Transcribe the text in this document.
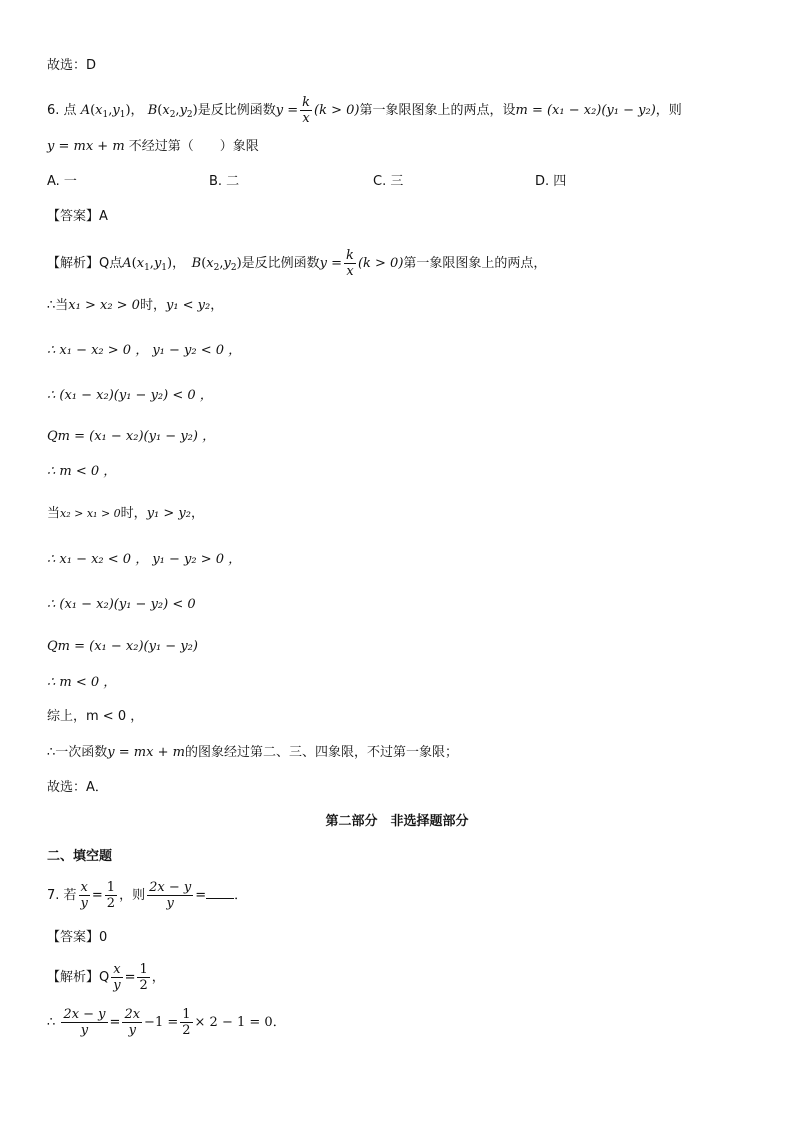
故选：D
6. 点 $A(x_1,y_1)$， $B(x_2,y_2)$是反比例函数$y = \frac{k}{x} (k > 0)$第一象限图象上的两点，设m = (x₁ − x₂)(y₁ − y₂)，则
y = mx + m 不经过第（　　）象限
A. 一	B. 二	C. 三	D. 四
【答案】A
【解析】Q点$A(x_1,y_1)$，　$B(x_2,y_2)$是反比例函数$y = \frac{k}{x} (k > 0)$第一象限图象上的两点，
∴当x₁ > x₂ > 0时，y₁ < y₂，
∴ x₁ − x₂ > 0 ， y₁ − y₂ < 0 ，
∴ (x₁ − x₂)(y₁ − y₂) < 0 ，
Qm = (x₁ − x₂)(y₁ − y₂) ，
∴ m < 0 ，
当x₂ > x₁ > 0时，y₁ > y₂，
∴ x₁ − x₂ < 0 ， y₁ − y₂ > 0 ，
∴ (x₁ − x₂)(y₁ − y₂) < 0
Qm = (x₁ − x₂)(y₁ − y₂)
∴ m < 0 ，
综上，m < 0 ，
∴一次函数y = mx + m的图象经过第二、三、四象限，不过第一象限；
故选：A．
第二部分　非选择题部分
二、填空题
7. 若 $\frac{x}{y} = \frac{1}{2}$ ，则 $\frac{2x - y}{y}$ = ．
【答案】0
【解析】Q $\frac{x}{y} = \frac{1}{2}$ ，
∴ $\frac{2x - y}{y} = \frac{2x}{y} -1 = \frac{1}{2} \times 2 - 1 = 0$．
